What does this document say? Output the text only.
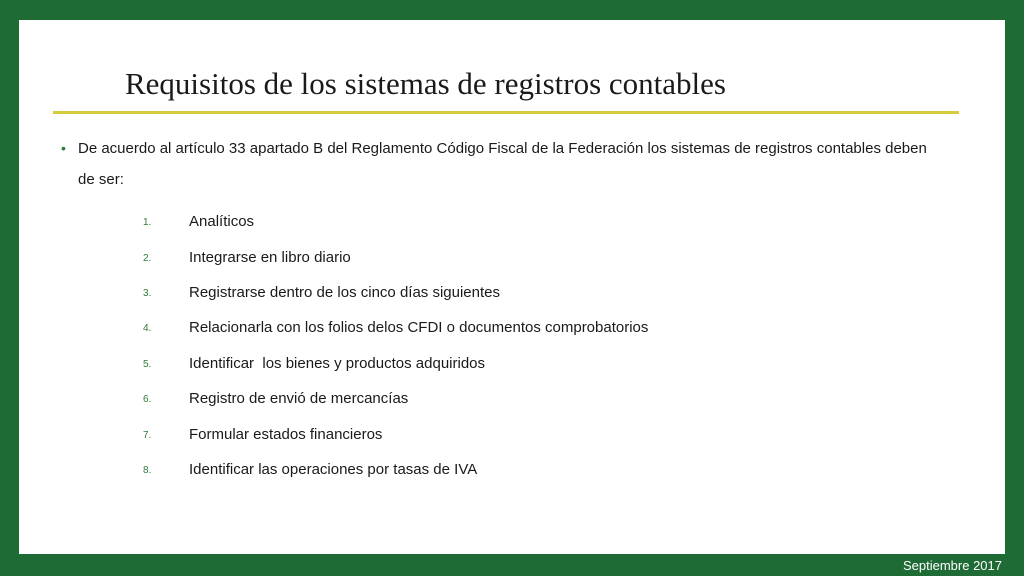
Requisitos de los sistemas de registros contables
• De acuerdo al artículo 33 apartado B del Reglamento Código Fiscal de la Federación los sistemas de registros contables deben de ser:
1.	Analíticos
2.	Integrarse en libro diario
3.	Registrarse dentro de los cinco días siguientes
4.	Relacionarla con los folios delos CFDI o documentos comprobatorios
5.	Identificar  los bienes y productos adquiridos
6.	Registro de envió de mercancías
7.	Formular estados financieros
8.	Identificar las operaciones por tasas de IVA
Septiembre 2017
